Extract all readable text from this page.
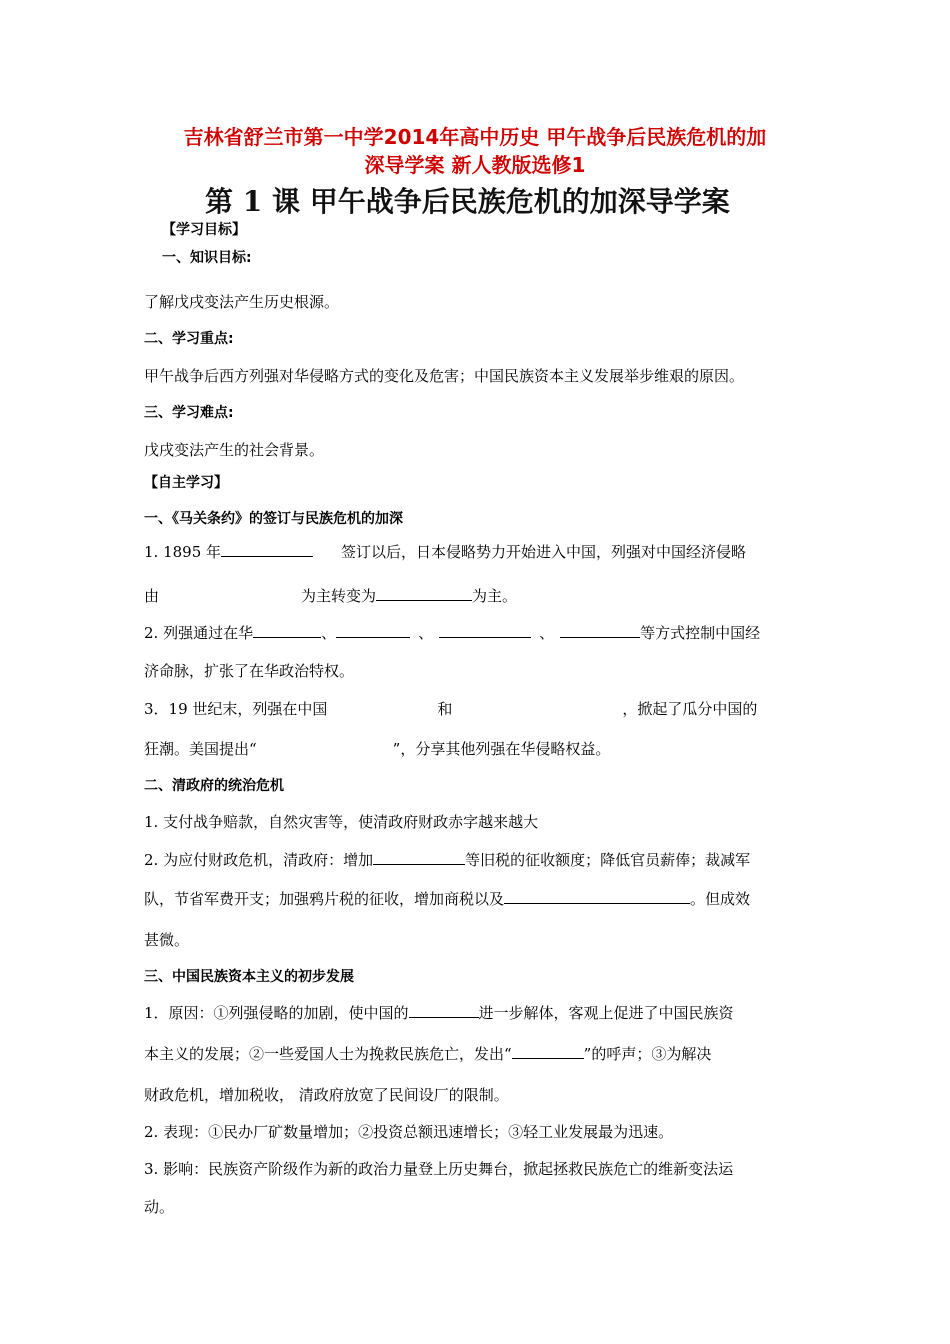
吉林省舒兰市第一中学2014年高中历史 甲午战争后民族危机的加
深导学案 新人教版选修1
第 1 课 甲午战争后民族危机的加深导学案
【学习目标】
一、知识目标:
了解戊戌变法产生历史根源。
二、学习重点:
甲午战争后西方列强对华侵略方式的变化及危害；中国民族资本主义发展举步维艰的原因。
三、学习难点:
戊戌变法产生的社会背景。
【自主学习】
一、《马关条约》的签订与民族危机的加深
1. 1895 年	签订以后，日本侵略势力开始进入中国，列强对中国经济侵略
由	为主转变为	为主。
2. 列强通过在华	、	、	、	等方式控制中国经
济命脉，扩张了在华政治特权。
3．19 世纪末，列强在中国	和	，掀起了瓜分中国的
狂潮。美国提出“	”，分享其他列强在华侵略权益。
二、清政府的统治危机
1. 支付战争赔款，自然灾害等，使清政府财政赤字越来越大
2. 为应付财政危机，清政府：增加	等旧税的征收额度；降低官员薪俸；裁减军
队，节省军费开支；加强鸦片税的征收，增加商税以及	。但成效
甚微。
三、中国民族资本主义的初步发展
1．原因：①列强侵略的加剧，使中国的	进一步解体，客观上促进了中国民族资
本主义的发展；②一些爱国人士为挽救民族危亡，发出“	”的呼声；③为解决
财政危机，增加税收， 清政府放宽了民间设厂的限制。
2. 表现：①民办厂矿数量增加；②投资总额迅速增长；③轻工业发展最为迅速。
3. 影响：民族资产阶级作为新的政治力量登上历史舞台，掀起拯救民族危亡的维新变法运
动。
